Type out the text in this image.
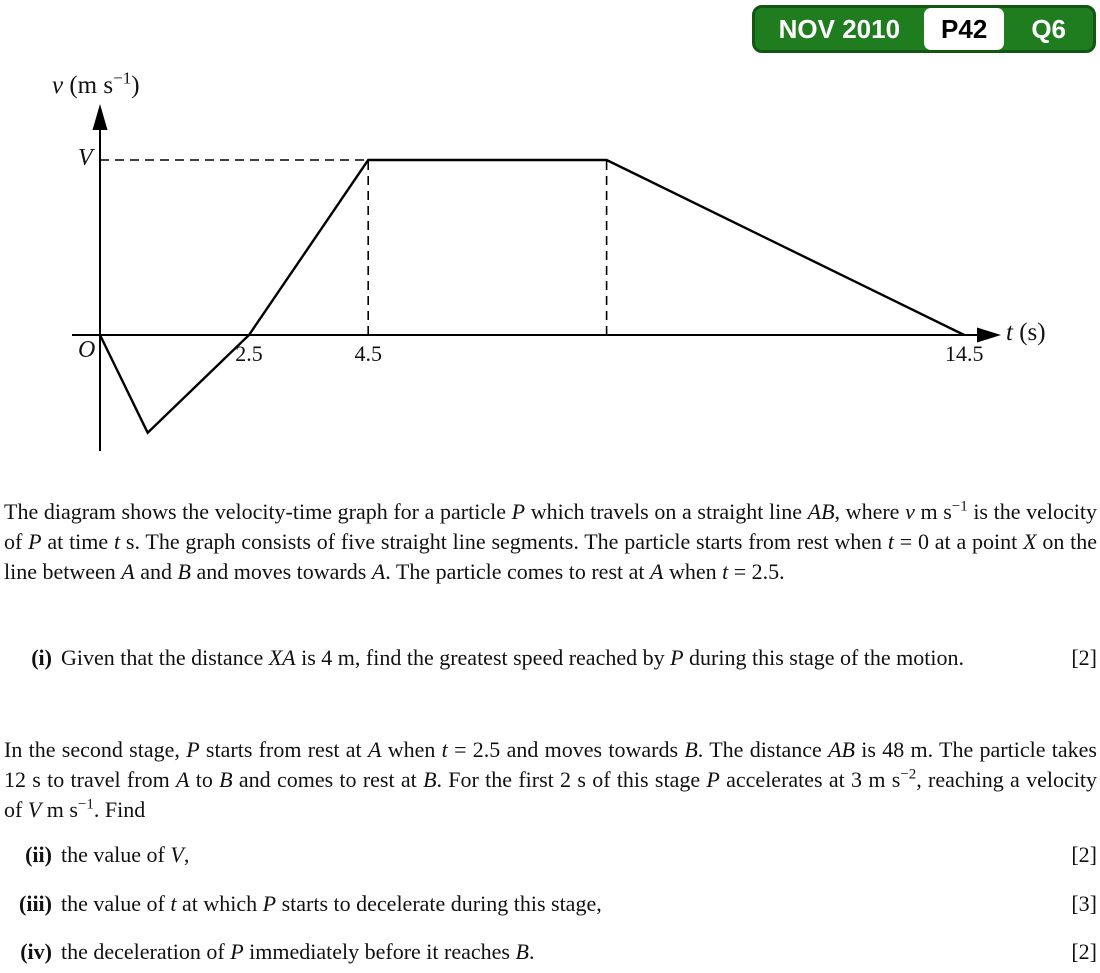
NOV 2010	P42	Q6
v (m $s^{-1}$)
t (s)
2.5	4.5	14.5
V
O
The diagram shows the velocity-time graph for a particle P which travels on a straight line AB, where v m $s^{-1}$ is the velocity of P at time t s. The graph consists of five straight line segments. The particle starts from rest when t = 0 at a point X on the line between A and B and moves towards A. The particle comes to rest at A when t = 2.5.
(i) Given that the distance XA is 4 m, find the greatest speed reached by P during this stage of the motion.	[2]
In the second stage, P starts from rest at A when t = 2.5 and moves towards B. The distance AB is 48 m. The particle takes 12 s to travel from A to B and comes to rest at B. For the first 2 s of this stage P accelerates at 3 m $s^{-2}$, reaching a velocity of V m $s^{-1}$. Find
(ii) the value of V,	[2]
(iii) the value of t at which P starts to decelerate during this stage,	[3]
(iv) the deceleration of P immediately before it reaches B.	[2]
